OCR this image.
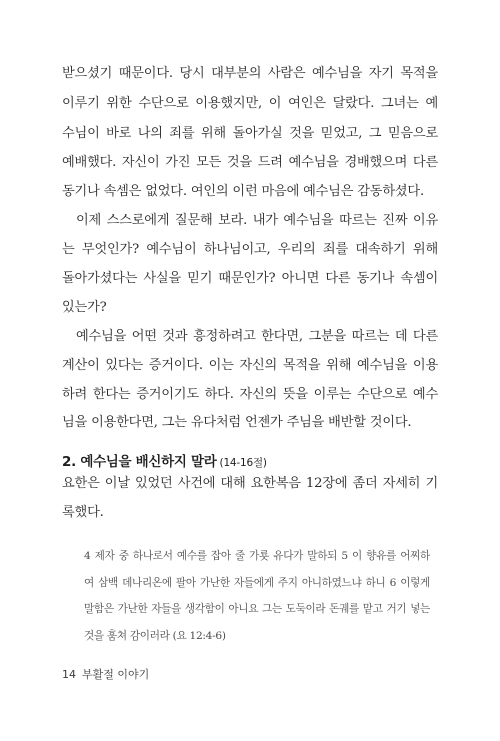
받으셨기 때문이다. 당시 대부분의 사람은 예수님을 자기 목적을
이루기 위한 수단으로 이용했지만, 이 여인은 달랐다. 그녀는 예
수님이 바로 나의 죄를 위해 돌아가실 것을 믿었고, 그 믿음으로
예배했다. 자신이 가진 모든 것을 드려 예수님을 경배했으며 다른
동기나 속셈은 없었다. 여인의 이런 마음에 예수님은 감동하셨다.
이제 스스로에게 질문해 보라. 내가 예수님을 따르는 진짜 이유
는 무엇인가? 예수님이 하나님이고, 우리의 죄를 대속하기 위해
돌아가셨다는 사실을 믿기 때문인가? 아니면 다른 동기나 속셈이
있는가?
예수님을 어떤 것과 흥정하려고 한다면, 그분을 따르는 데 다른
계산이 있다는 증거이다. 이는 자신의 목적을 위해 예수님을 이용
하려 한다는 증거이기도 하다. 자신의 뜻을 이루는 수단으로 예수
님을 이용한다면, 그는 유다처럼 언젠가 주님을 배반할 것이다.
2. 예수님을 배신하지 말라 (14-16절)
요한은 이날 있었던 사건에 대해 요한복음 12장에 좀더 자세히 기
록했다.
4 제자 중 하나로서 예수를 잡아 줄 가룟 유다가 말하되 5 이 향유를 어찌하
여 삼백 데나리온에 팔아 가난한 자들에게 주지 아니하였느냐 하니 6 이렇게
말함은 가난한 자들을 생각함이 아니요 그는 도둑이라 돈궤를 맡고 거기 넣는
것을 훔쳐 감이러라 (요 12:4-6)
14 부활절 이야기
